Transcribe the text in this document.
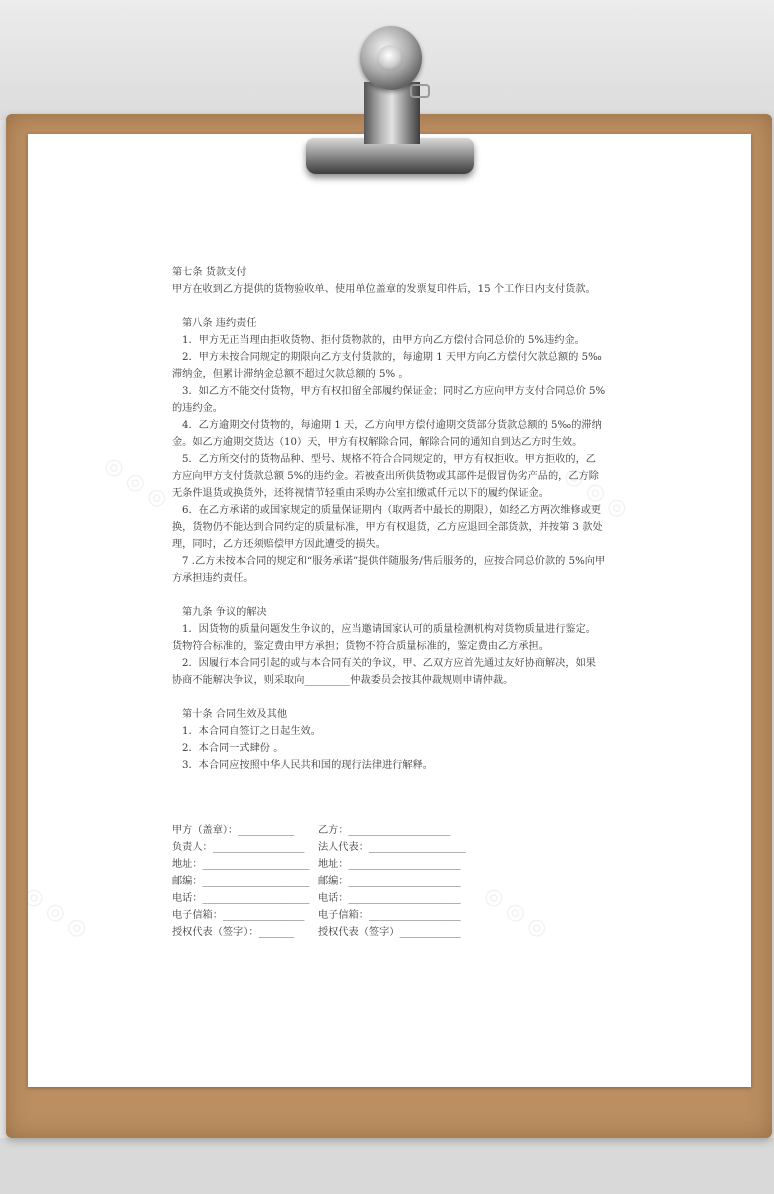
第七条 货款支付

甲方在收到乙方提供的货物验收单、使用单位盖章的发票复印件后，15 个工作日内支付货款。

第八条 违约责任

1．甲方无正当理由拒收货物、拒付货物款的，由甲方向乙方偿付合同总价的 5%违约金。

2．甲方未按合同规定的期限向乙方支付货款的，每逾期 1 天甲方向乙方偿付欠款总额的 5‰滞纳金，但累计滞纳金总额不超过欠款总额的 5% 。

3．如乙方不能交付货物，甲方有权扣留全部履约保证金；同时乙方应向甲方支付合同总价 5%的违约金。

4．乙方逾期交付货物的，每逾期 1 天，乙方向甲方偿付逾期交货部分货款总额的 5‰的滞纳金。如乙方逾期交货达（10）天，甲方有权解除合同，解除合同的通知自到达乙方时生效。

5．乙方所交付的货物品种、型号、规格不符合合同规定的，甲方有权拒收。甲方拒收的，乙方应向甲方支付货款总额 5%的违约金。若被查出所供货物或其部件是假冒伪劣产品的，乙方除无条件退货或换货外，还将视情节轻重由采购办公室扣缴贰仟元以下的履约保证金。

6．在乙方承诺的或国家规定的质量保证期内（取两者中最长的期限），如经乙方两次维修或更换，货物仍不能达到合同约定的质量标准，甲方有权退货，乙方应退回全部货款，并按第 3 款处理，同时，乙方还须赔偿甲方因此遭受的损失。

7 .乙方未按本合同的规定和“服务承诺”提供伴随服务/售后服务的，应按合同总价款的 5%向甲方承担违约责任。

第九条 争议的解决

1．因货物的质量问题发生争议的，应当邀请国家认可的质量检测机构对货物质量进行鉴定。货物符合标准的，鉴定费由甲方承担；货物不符合质量标准的，鉴定费由乙方承担。

2．因履行本合同引起的或与本合同有关的争议，甲、乙双方应首先通过友好协商解决，如果协商不能解决争议，则采取向_________仲裁委员会按其仲裁规则申请仲裁。

第十条 合同生效及其他

1．本合同自签订之日起生效。

2．本合同一式肆份 。

3．本合同应按照中华人民共和国的现行法律进行解释。

甲方（盖章）：___________ 乙方：____________________
负责人：__________________法人代表：___________________
地址：_____________________地址：______________________
邮编：_____________________邮编：______________________
电话：_____________________ 电话：______________________
电子信箱：________________ 电子信箱：__________________
授权代表（签字）：_______ 授权代表（签字）____________
◎ ◎ ◎	◎ ◎ ◎
◎ ◎ ◎	◎ ◎ ◎
